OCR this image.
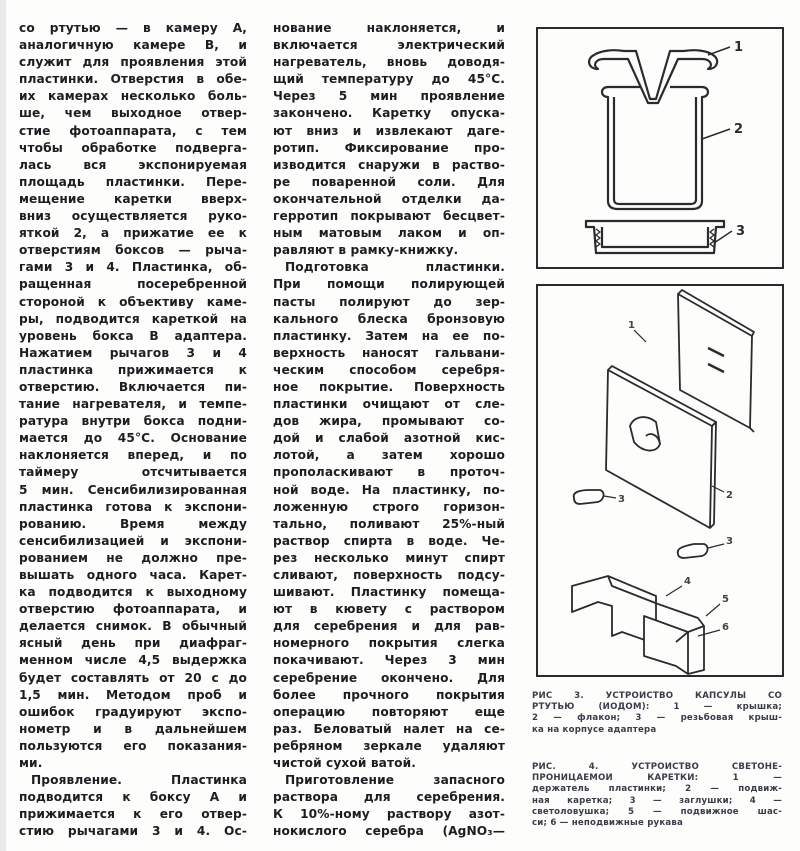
со ртутью — в камеру А,
аналогичную камере В, и
служит для проявления этой
пластинки. Отверстия в обе-
их камерах несколько боль-
ше, чем выходное отвер-
стие фотоаппарата, с тем
чтобы обработке подверга-
лась вся экспонируемая
площадь пластинки. Пере-
мещение каретки вверх-
вниз осуществляется руко-
яткой 2, а прижатие ее к
отверстиям боксов — рыча-
гами 3 и 4. Пластинка, об-
ращенная посеребренной
стороной к объективу каме-
ры, подводится кареткой на
уровень бокса В адаптера.
Нажатием рычагов 3 и 4
пластинка прижимается к
отверстию. Включается пи-
тание нагревателя, и темпе-
ратура внутри бокса подни-
мается до 45°С. Основание
наклоняется вперед, и по
таймеру отсчитывается
5 мин. Сенсибилизированная
пластинка готова к экспони-
рованию. Время между
сенсибилизацией и экспони-
рованием не должно пре-
вышать одного часа. Карет-
ка подводится к выходному
отверстию фотоаппарата, и
делается снимок. В обычный
ясный день при диафраг-
менном числе 4,5 выдержка
будет составлять от 20 с до
1,5 мин. Методом проб и
ошибок градуируют экспо-
нометр и в дальнейшем
пользуются его показания-
ми.
Проявление.	Пластинка
подводится к боксу А и
прижимается к его отвер-
стию рычагами 3 и 4. Ос-
нование наклоняется, и
включается электрический
нагреватель, вновь доводя-
щий температуру до 45°С.
Через 5 мин проявление
закончено. Каретку опуска-
ют вниз и извлекают даге-
ротип. Фиксирование про-
изводится снаружи в раство-
ре поваренной соли. Для
окончательной отделки да-
герротип покрывают бесцвет-
ным матовым лаком и оп-
равляют в рамку-книжку.
Подготовка пластинки.
При помощи полирующей
пасты полируют до зер-
кального блеска бронзовую
пластинку. Затем на ее по-
верхность наносят гальвани-
ческим способом серебря-
ное покрытие. Поверхность
пластинки очищают от сле-
дов жира, промывают со-
дой и слабой азотной кис-
лотой, а затем хорошо
прополаскивают в проточ-
ной воде. На пластинку, по-
ложенную строго горизон-
тально, поливают 25%-ный
раствор спирта в воде. Че-
рез несколько минут спирт
сливают, поверхность подсу-
шивают. Пластинку помеща-
ют в кювету с раствором
для серебрения и для рав-
номерного покрытия слегка
покачивают. Через 3 мин
серебрение окончено. Для
более прочного покрытия
операцию повторяют еще
раз. Беловатый налет на се-
ребряном зеркале удаляют
чистой сухой ватой.
Приготовление запасного
раствора для серебрения.
К 10%-ному раствору азот-
нокислого серебра (AgNO₃—
1
2
3
1
2
3
3
4
5
6
РИС 3. УСТРОЙСТВО КАПСУЛЫ СО
РТУТЬЮ (ЙОДОМ): 1 — крышка;
2 — флакон; 3 — резьбовая крыш-
ка на корпусе адаптера
РИС. 4. УСТРОЙСТВО СВЕТОНЕ-
ПРОНИЦАЕМОЙ КАРЕТКИ: 1 —
держатель пластинки; 2 — подвиж-
ная каретка; 3 — заглушки; 4 —
светоловушка; 5 — подвижное шас-
си; 6 — неподвижные рукава
